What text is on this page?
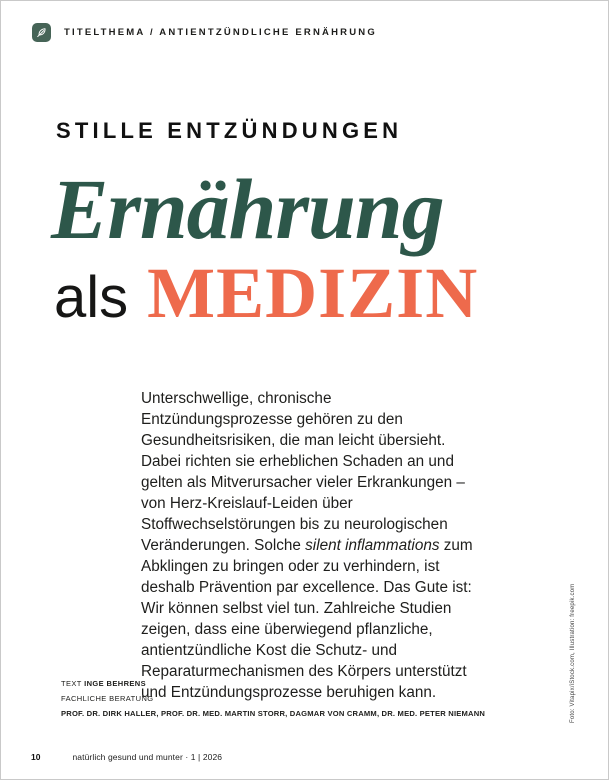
TITELTHEMA / ANTIENTZÜNDLICHE ERNÄHRUNG
STILLE ENTZÜNDUNGEN
Ernährung
als MEDIZIN

Unterschwellige, chronische Entzündungsprozesse gehören zu den Gesundheitsrisiken, die man leicht übersieht. Dabei richten sie erheblichen Schaden an und gelten als Mitverursacher vieler Erkrankungen – von Herz-Kreislauf-Leiden über Stoffwechselstörungen bis zu neurologischen Veränderungen. Solche silent inflammations zum Abklingen zu bringen oder zu verhindern, ist deshalb Prävention par excellence. Das Gute ist: Wir können selbst viel tun. Zahlreiche Studien zeigen, dass eine überwiegend pflanzliche, antientzündliche Kost die Schutz- und Reparaturmechanismen des Körpers unterstützt und Entzündungsprozesse beruhigen kann.

TEXT INGE BEHRENS
FACHLICHE BERATUNG
PROF. DR. DIRK HALLER, PROF. DR. MED. MARTIN STORR, DAGMAR VON CRAMM, DR. MED. PETER NIEMANN	Foto: Vitapix/iStock.com, Illustration: freepik.com
10	natürlich gesund und munter · 1 | 2026
